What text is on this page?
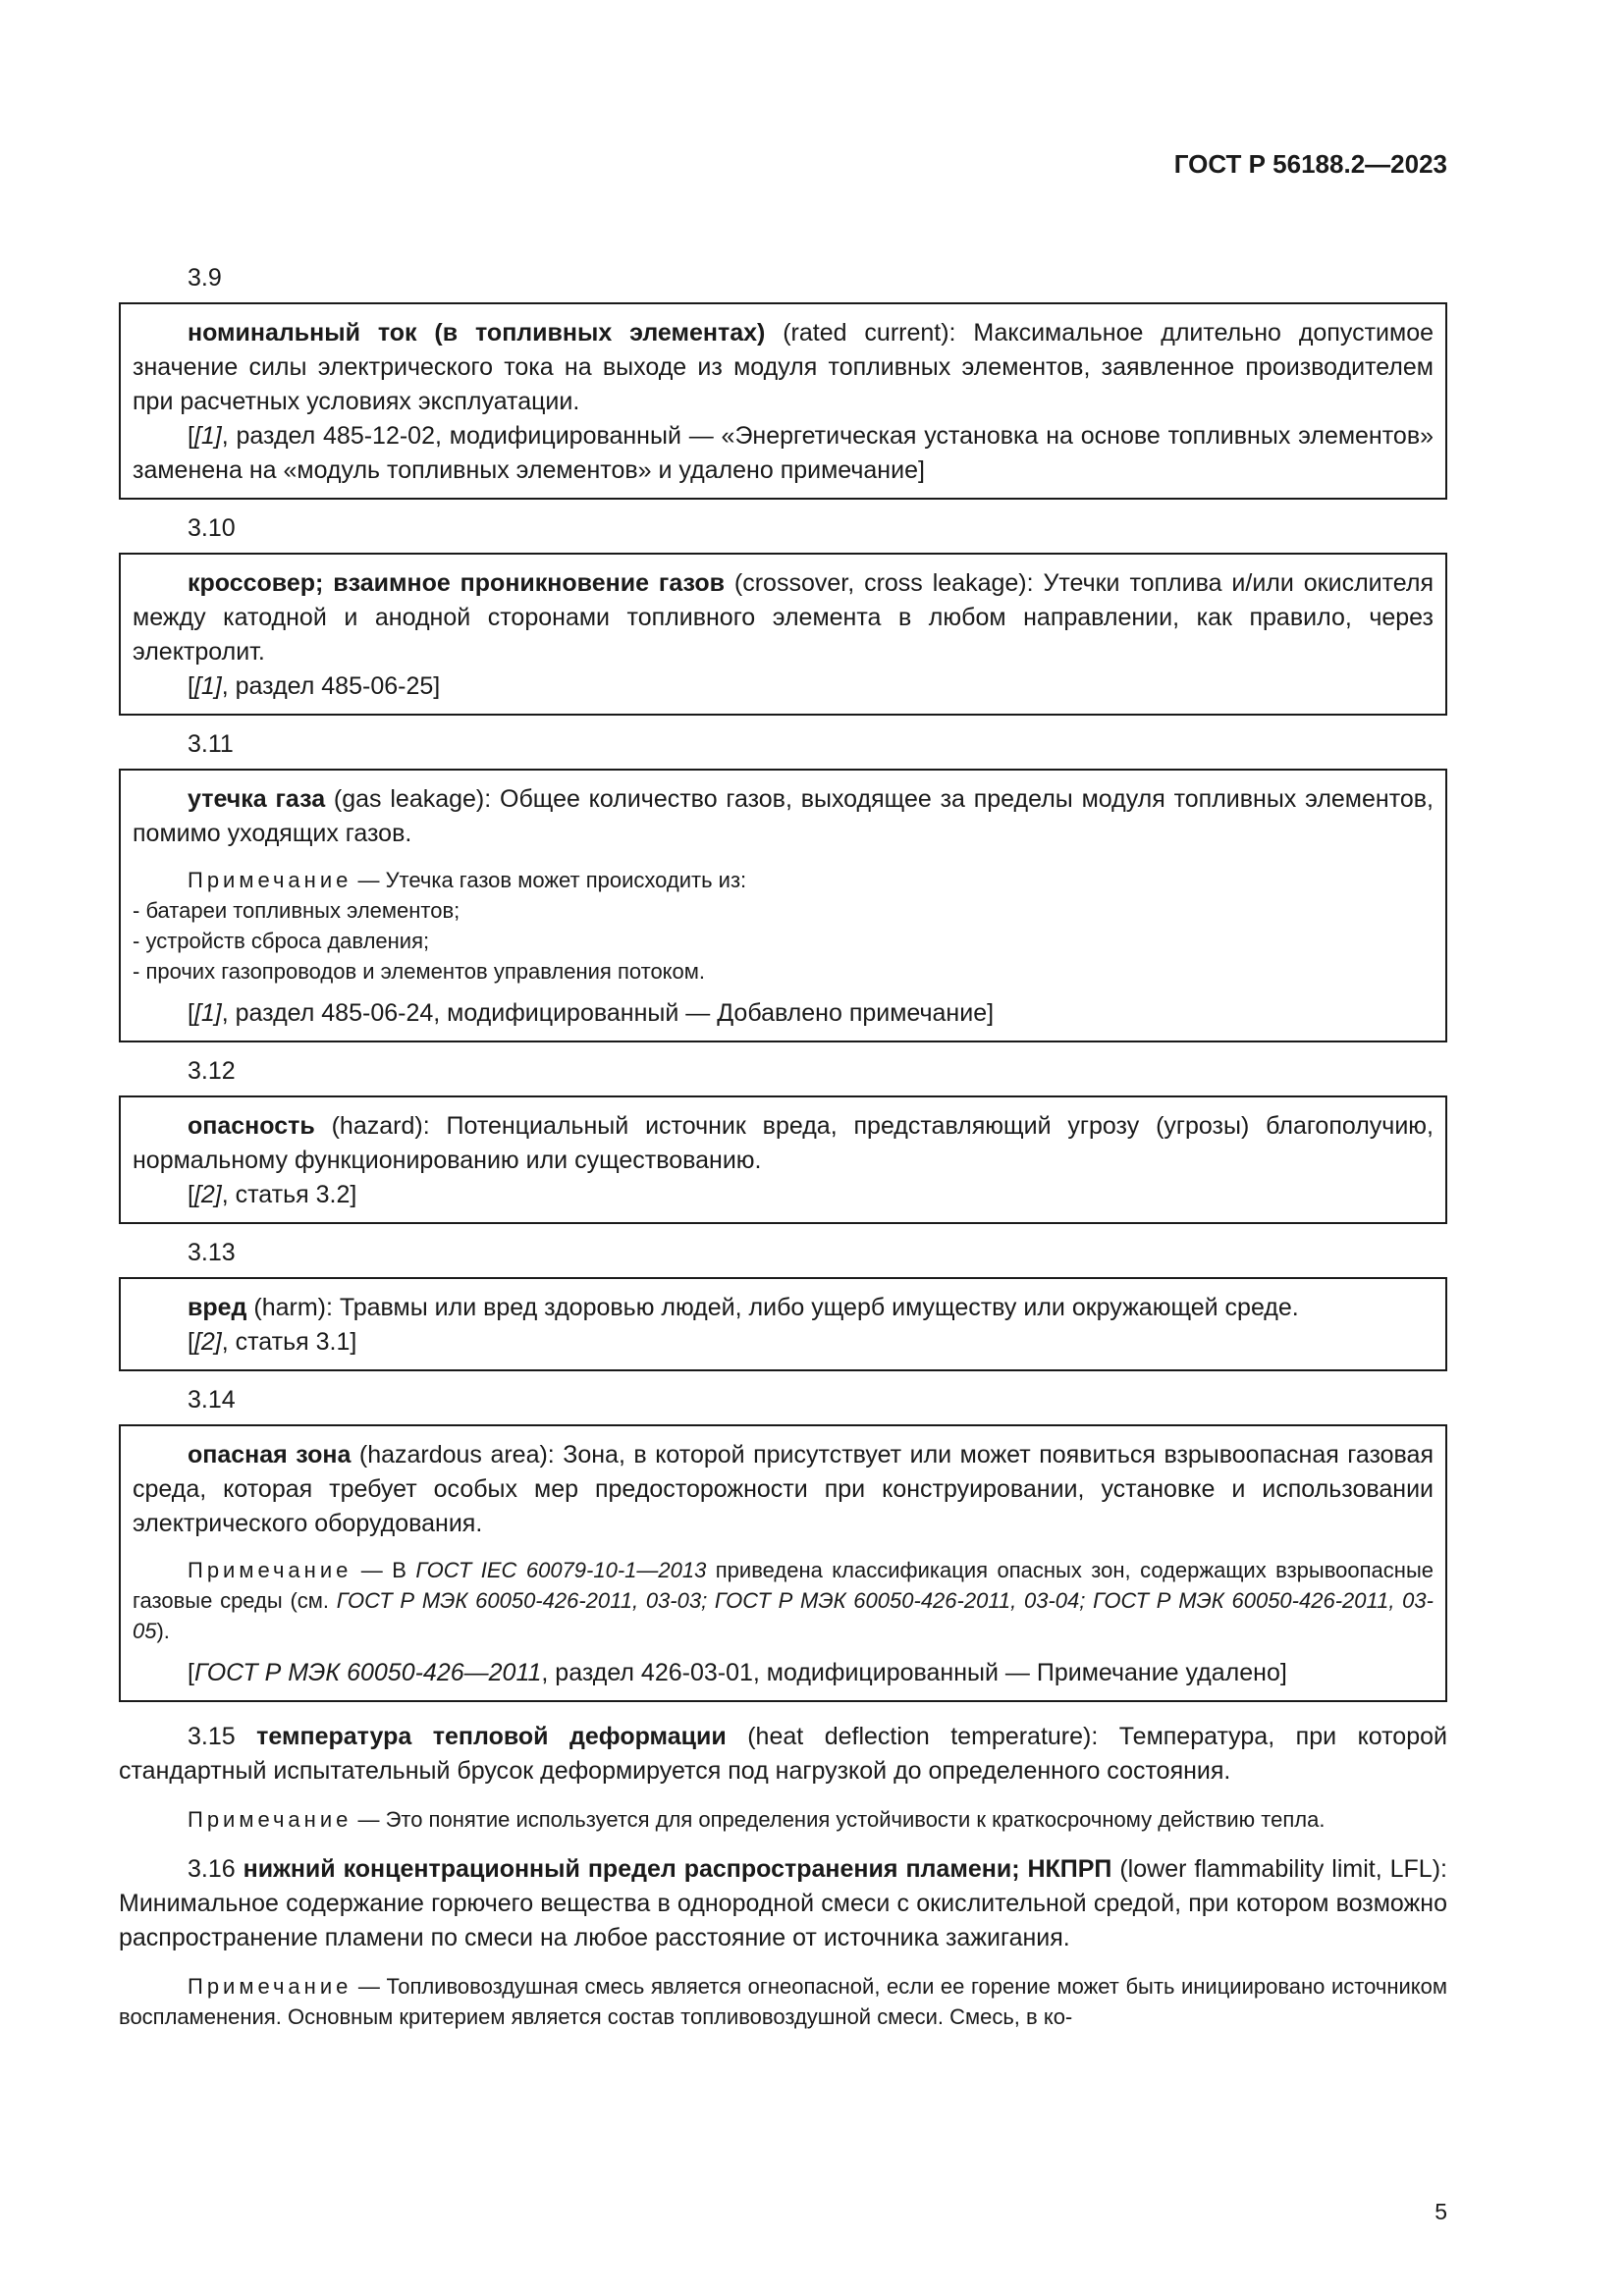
ГОСТ Р 56188.2—2023
3.9

номинальный ток (в топливных элементах) (rated current): Максимальное длительно допустимое значение силы электрического тока на выходе из модуля топливных элементов, заявленное производителем при расчетных условиях эксплуатации.

[[1], раздел 485-12-02, модифицированный — «Энергетическая установка на основе топливных элементов» заменена на «модуль топливных элементов» и удалено примечание]

3.10

кроссовер; взаимное проникновение газов (crossover, cross leakage): Утечки топлива и/или окислителя между катодной и анодной сторонами топливного элемента в любом направлении, как правило, через электролит.

[[1], раздел 485-06-25]

3.11

утечка газа (gas leakage): Общее количество газов, выходящее за пределы модуля топливных элементов, помимо уходящих газов.

Примечание — Утечка газов может происходить из:

- батареи топливных элементов;
- устройств сброса давления;
- прочих газопроводов и элементов управления потоком.

[[1], раздел 485-06-24, модифицированный — Добавлено примечание]

3.12

опасность (hazard): Потенциальный источник вреда, представляющий угрозу (угрозы) благополучию, нормальному функционированию или существованию.

[[2], статья 3.2]

3.13

вред (harm): Травмы или вред здоровью людей, либо ущерб имуществу или окружающей среде.

[[2], статья 3.1]

3.14

опасная зона (hazardous area): Зона, в которой присутствует или может появиться взрывоопасная газовая среда, которая требует особых мер предосторожности при конструировании, установке и использовании электрического оборудования.

Примечание — В ГОСТ IEC 60079-10-1—2013 приведена классификация опасных зон, содержащих взрывоопасные газовые среды (см. ГОСТ Р МЭК 60050-426-2011, 03-03; ГОСТ Р МЭК 60050-426-2011, 03-04; ГОСТ Р МЭК 60050-426-2011, 03-05).

[ГОСТ Р МЭК 60050-426—2011, раздел 426-03-01, модифицированный — Примечание удалено]

3.15 температура тепловой деформации (heat deflection temperature): Температура, при которой стандартный испытательный брусок деформируется под нагрузкой до определенного состояния.

Примечание — Это понятие используется для определения устойчивости к краткосрочному действию тепла.

3.16 нижний концентрационный предел распространения пламени; НКПРП (lower flammability limit, LFL): Минимальное содержание горючего вещества в однородной смеси с окислительной средой, при котором возможно распространение пламени по смеси на любое расстояние от источника зажигания.

Примечание — Топливовоздушная смесь является огнеопасной, если ее горение может быть инициировано источником воспламенения. Основным критерием является состав топливовоздушной смеси. Смесь, в ко-

5
